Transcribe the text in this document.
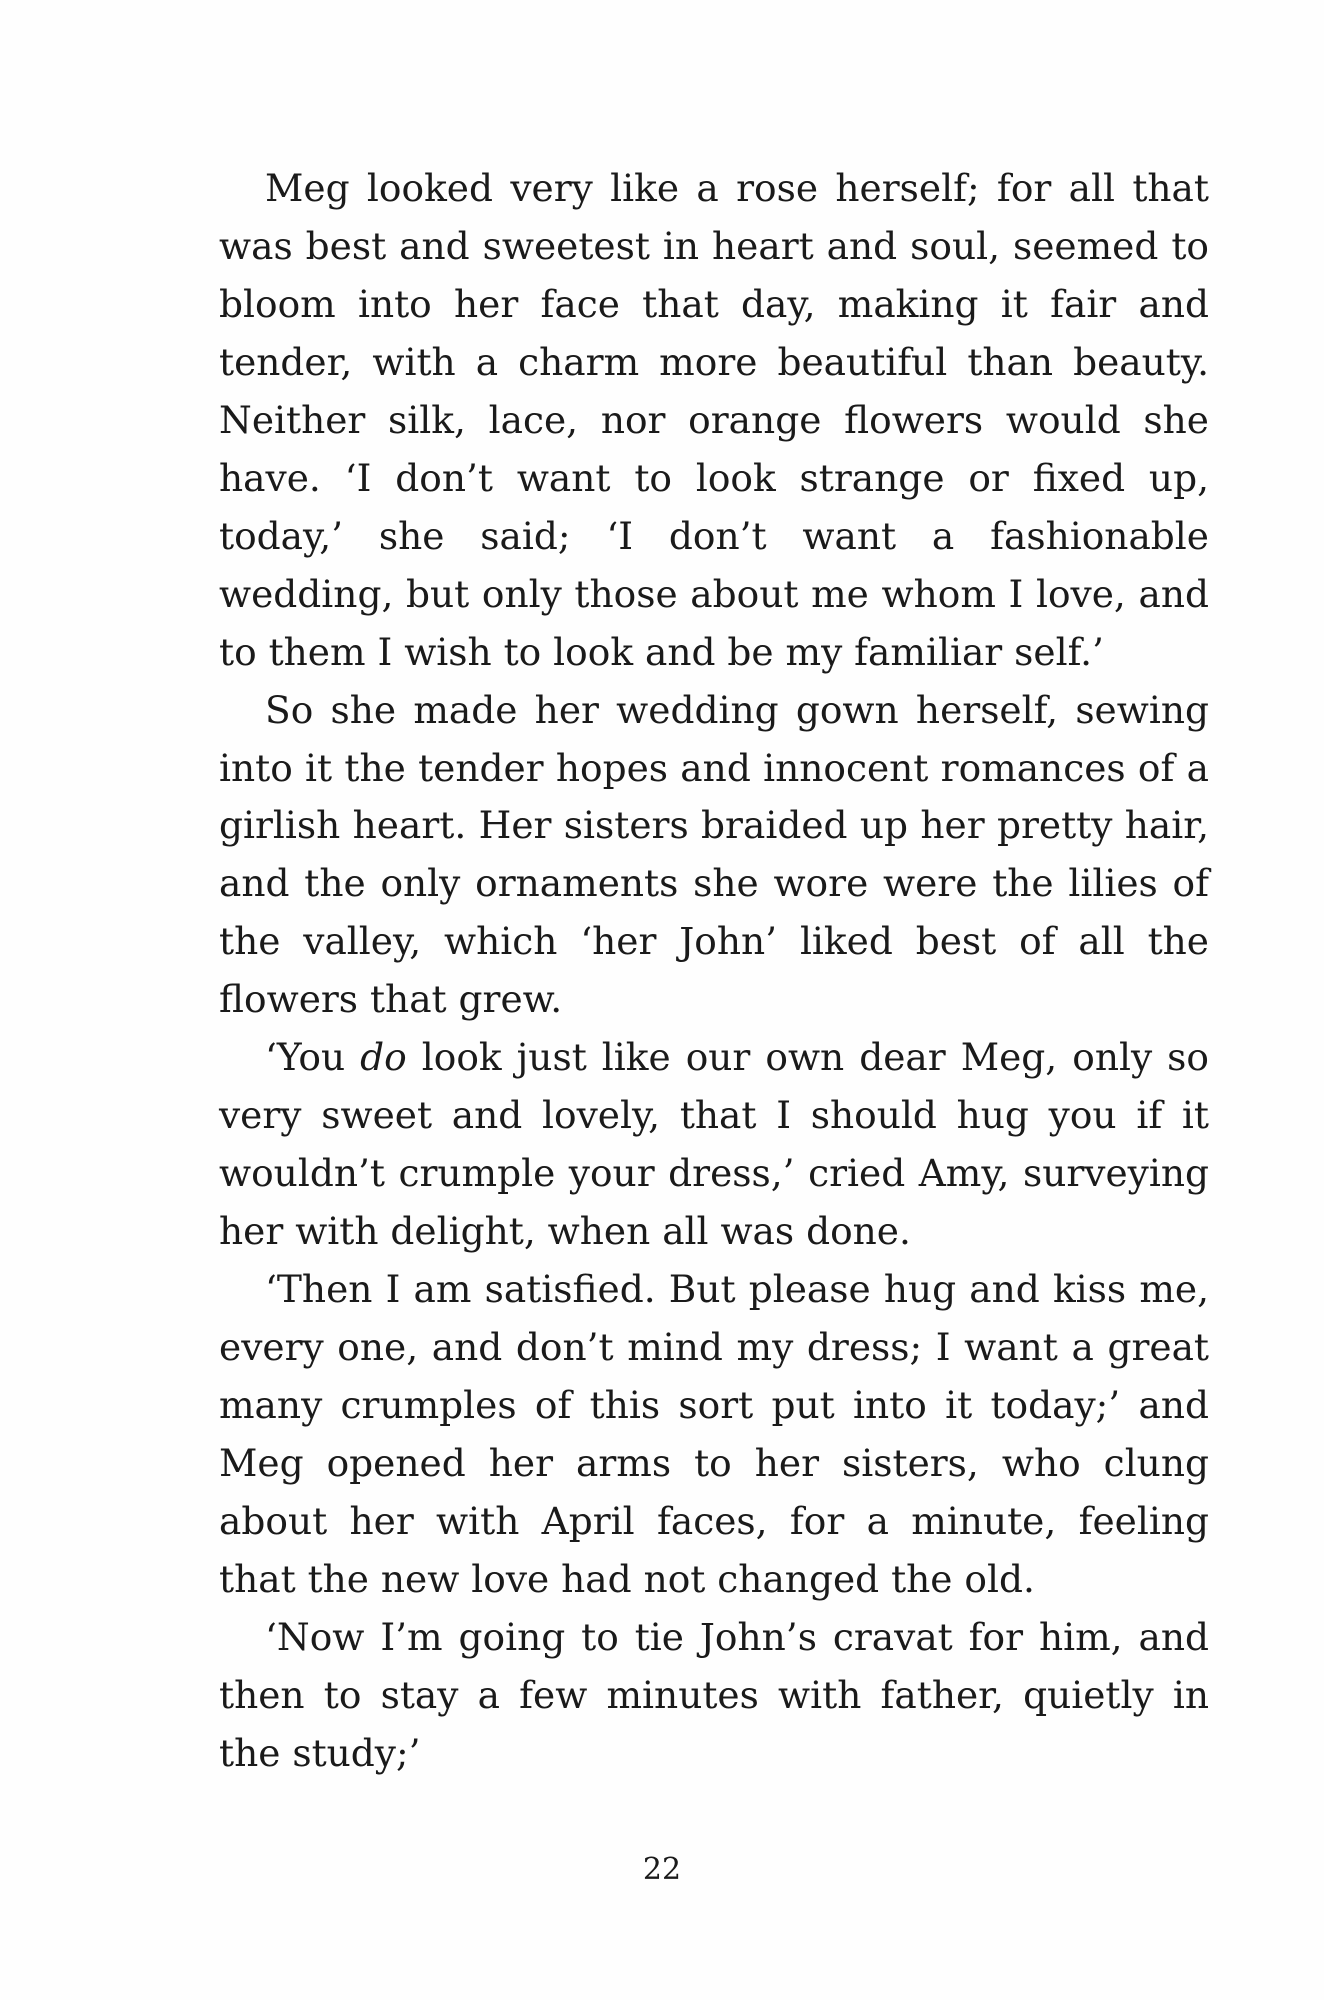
Meg looked very like a rose herself; for all that was best and sweetest in heart and soul, seemed to bloom into her face that day, making it fair and tender, with a charm more beautiful than beauty. Neither silk, lace, nor orange flowers would she have. ‘I don’t want to look strange or fixed up, today,’ she said; ‘I don’t want a fashionable wedding, but only those about me whom I love, and to them I wish to look and be my familiar self.’

So she made her wedding gown herself, sewing into it the tender hopes and innocent romances of a girlish heart. Her sisters braided up her pretty hair, and the only ornaments she wore were the lilies of the valley, which ‘her John’ liked best of all the flowers that grew.

‘You do look just like our own dear Meg, only so very sweet and lovely, that I should hug you if it wouldn’t crumple your dress,’ cried Amy, surveying her with delight, when all was done.

‘Then I am satisfied. But please hug and kiss me, every one, and don’t mind my dress; I want a great many crumples of this sort put into it today;’ and Meg opened her arms to her sisters, who clung about her with April faces, for a minute, feeling that the new love had not changed the old.

‘Now I’m going to tie John’s cravat for him, and then to stay a few minutes with father, quietly in the study;’

22
